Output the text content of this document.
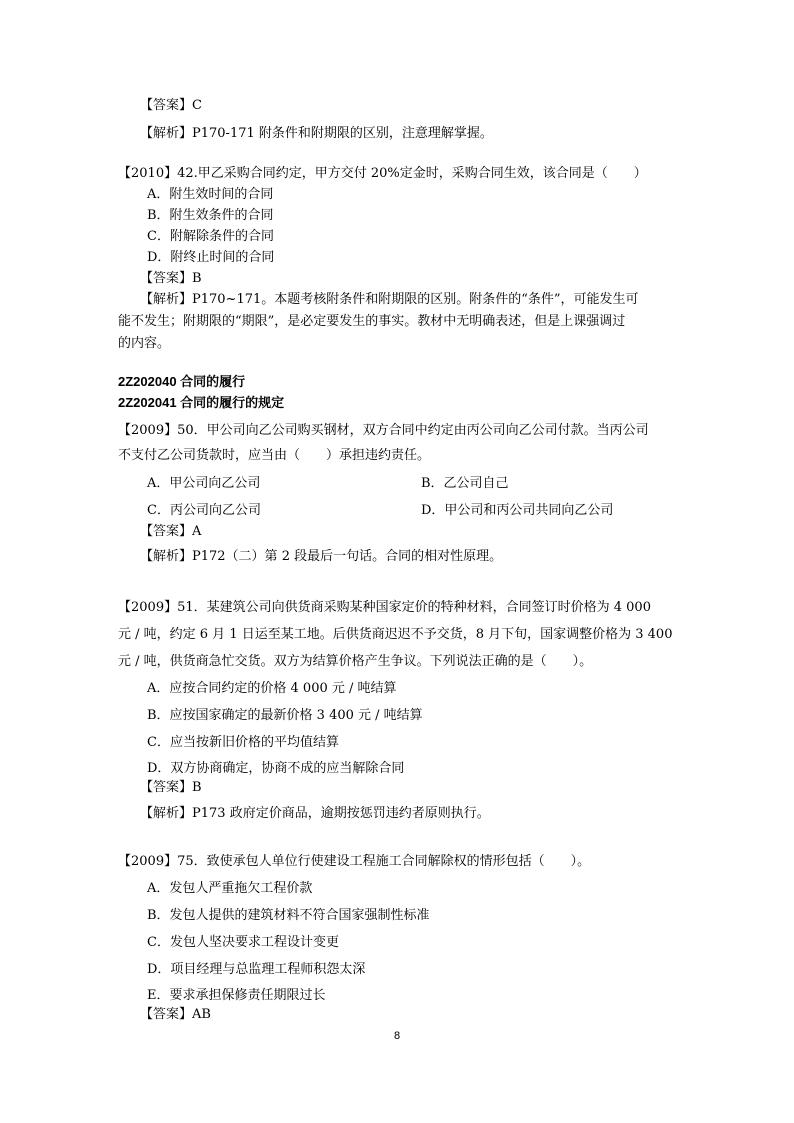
【答案】C
【解析】P170-171 附条件和附期限的区别，注意理解掌握。
【2010】42.甲乙采购合同约定，甲方交付 20%定金时，采购合同生效，该合同是（　　）
A．附生效时间的合同
B．附生效条件的合同
C．附解除条件的合同
D．附终止时间的合同
【答案】B
【解析】P170~171。本题考核附条件和附期限的区别。附条件的“条件”，可能发生可
能不发生；附期限的“期限”，是必定要发生的事实。教材中无明确表述，但是上课强调过
的内容。
2Z202040 合同的履行
2Z202041 合同的履行的规定
【2009】50．甲公司向乙公司购买钢材，双方合同中约定由丙公司向乙公司付款。当丙公司
不支付乙公司货款时，应当由（　　）承担违约责任。
A．甲公司向乙公司	B．乙公司自己
C．丙公司向乙公司	D．甲公司和丙公司共同向乙公司
【答案】A
【解析】P172（二）第 2 段最后一句话。合同的相对性原理。
【2009】51．某建筑公司向供货商采购某种国家定价的特种材料，合同签订时价格为 4 000
元 / 吨，约定 6 月 1 日运至某工地。后供货商迟迟不予交货，8 月下旬，国家调整价格为 3 400
元 / 吨，供货商急忙交货。双方为结算价格产生争议。下列说法正确的是（　　）。
A．应按合同约定的价格 4 000 元 / 吨结算
B．应按国家确定的最新价格 3 400 元 / 吨结算
C．应当按新旧价格的平均值结算
D．双方协商确定，协商不成的应当解除合同
【答案】B
【解析】P173 政府定价商品，逾期按惩罚违约者原则执行。
【2009】75．致使承包人单位行使建设工程施工合同解除权的情形包括（　　）。
A．发包人严重拖欠工程价款
B．发包人提供的建筑材料不符合国家强制性标准
C．发包人坚决要求工程设计变更
D．项目经理与总监理工程师积怨太深
E．要求承担保修责任期限过长
【答案】AB
8
